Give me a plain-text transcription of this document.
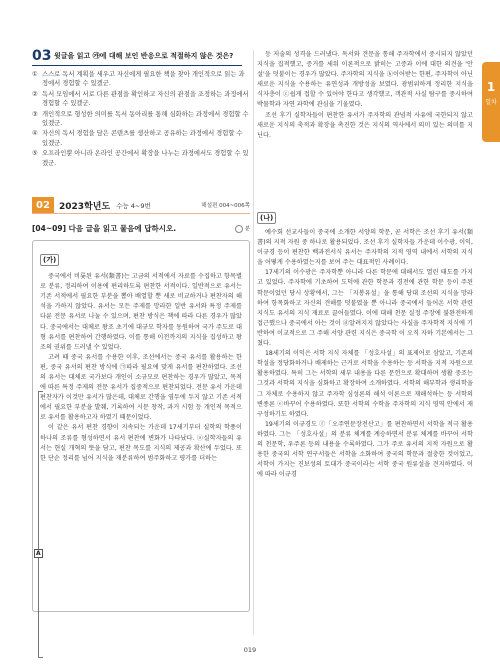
1
일차
03 윗글을 읽고 ㉮에 대해 보인 반응으로 적절하지 않은 것은?
① 스스로 독서 계획을 세우고 자신에게 필요한 책을 찾아 개인적으로 읽는 과정에서 경험할 수 있겠군.
② 독서 모임에서 서로 다른 관점을 확인하고 자신의 관점을 조정하는 과정에서 경험할 수 있겠군.
③ 개인적으로 형성한 의미를 독서 동아리를 통해 심화하는 과정에서 경험할 수 있겠군.
④ 자신의 독서 경험을 담은 콘텐츠를 생산하고 공유하는 과정에서 경험할 수 있겠군.
⑤ 오프라인뿐 아니라 온라인 공간에서 확장을 나누는 과정에서도 경험할 수 있겠군.
02	2023학년도 수능 4~9번	해설편 004~006쪽
[04~09] 다음 글을 읽고 물음에 답하시오.	분
(가)
A

중국에서 비롯된 유서(類書)는 고금의 서적에서 자료를 수집하고 항목별로 분류, 정리하여 이용에 편리하도록 편찬한 서적이다. 일반적으로 유서는 기존 서적에서 필요한 부분을 뽑아 배열할 뿐 새로 비교하거나 편찬자의 해석을 가하지 않았다. 유서는 모든 주제를 망라한 일반 유서와 특정 주제를 다룬 전문 유서로 나눌 수 있으며, 편찬 방식은 책에 따라 다른 경우가 많았다. 중국에서는 대체로 왕조 초기에 대규모 학자를 동원하여 국가 주도로 대형 유서를 편찬하여 간행하였다. 이를 통해 이전까지의 지식을 집성하고 왕조의 권위를 드러낼 수 있었다.

고려 때 중국 유서를 수용한 이후, 조선에서는 중국 유서를 활용하는 한편, 중국 유서의 편찬 방식에 ㉠따라 필요에 맞게 유서를 편찬하였다. 조선의 유서는 대체로 국가보다 개인이 소규모로 편찬하는 경우가 많았고, 목적에 따른 특정 주제의 전문 유서가 집중적으로 편찬되었다. 전문 유서 가운데 편찬자가 이것만 유서가 많은데, 대체로 간행을 염두에 두지 않고 기존 서적에서 필요한 부분을 발췌, 기록하여 시문 창작, 과거 시험 등 개인적 목적으로 유서를 활용하고자 하였기 때문이었다.

이 같은 유서 편찬 경향이 지속되는 가운데 17세기부터 실학의 학풍이 하나의 조류를 형성하면서 유서 편찬에 변화가 나타났다. ⓐ실학자들의 유서는 현실 개혁의 뜻을 담고, 편찬 목도를 지식의 제공과 확산에 두었다. 또한 단순 정리를 넘어 지식을 재분류하여 범주화하고 평가를 더하는

등 저술의 성격을 드러냈다. 독서와 견문을 통해 주자학에서 중시되지 않았던 지식을 집적했고, 증거를 세워 이론적으로 밝히는 고증과 이에 대한 의견을 '안설'을 덧붙이는 경우가 많았다. 주자학의 지식을 ⓑ이어받는 한편, 주자학이 아닌 새로운 지식을 수용하는 유연성과 개방성을 보였다. 광범위하게 정리한 지식을 식자층이 ⓒ쉽게 접할 수 있어야 한다고 생각했고, 객관적 사실 탐구를 중시하여 박물학과 자연 과학에 관심을 기울였다.

조선 후기 실학자들이 편찬한 유서가 주자학의 관념적 사유에 국한되지 않고 새로운 지식의 축적과 확장을 촉진한 것은 지식의 역사에서 의미 있는 의미를 지닌다.

(나)

예수회 선교사들이 중국에 소개한 서양의 학문, 곧 서학은 조선 후기 유서(類書)의 지적 자원 중 하나로 활용되었다. 조선 후기 실학자들 가운데 이수광, 이익, 이규경 등이 편찬한 백과전서식 유서는 주자학의 지적 영역 내에서 서학의 지식을 어떻게 수용하였는지를 보여 주는 대표적인 사례이다.

17세기의 이수광은 주자학뿐 아니라 다른 학문에 대해서도 열린 태도를 가지고 있었다. 주자학에 기초하여 도덕에 관한 학문과 경전에 관한 학문 등이 주된 학문이었던 당시 상황에서, 그는 「지봉유설」을 통해 당대 조선의 지식을 망라하여 항목화하고 자신의 견해를 덧붙였을 뿐 아니라 중국에서 들어온 서학 관련 지식도 유서의 지식 재료로 끌어들였다. 이에 대해 천문 실정 주장에 불완전하게 접근했으나 중국에서 아는 것이 ⓓ알려지지 않았다는 사실을 주자학적 지식에 기반하여 이교적으로 그 주해 서양 관련 지식은 중국학 이 오직 자하 기본에서는 그쳤다.

18세기의 이익은 서학 지식 자체를 「성호사설」의 표제어로 삼았고, 기존의 학설을 정당화하거나 배제하는 근거로 서학을 수용하는 등 서학을 지적 자원으로 활용하였다. 특히 그는 서학의 세부 내용을 다른 문헌으로 확대하며 생활 중조는 그것과 서학의 지식을 심화하고 확장하여 소개하였다. 서학의 해부학과 생리학을 그 자체로 수용하지 않고 주자학 심성론의 해석 이론으로 재해석하는 등 서학의 변종론 ⓔ바꾸어 수용하였다. 또한 서학의 수학을 주자학의 지식 영역 안에서 재구성하기도 하였다.

19세기의 이규경도 ⓕ「오주연문장전산고」를 편찬하면서 서학을 적극 활용하였다. 그는 「성호사설」의 분류 체계를 계승하면서 분류 체계를 바꾸어 서학의 천문학, 우주론 등의 내용을 수록하였다. 그가 주로 유서의 지적 자원으로 활용한 중국의 서학 연구서들은 서학을 소화하여 중국의 학문과 절충한 것이었고, 서학이 가지는 진보성의 토대가 중국이라는 서학 중국 원류설을 견지하였다. 이에 따라 이규경

019
